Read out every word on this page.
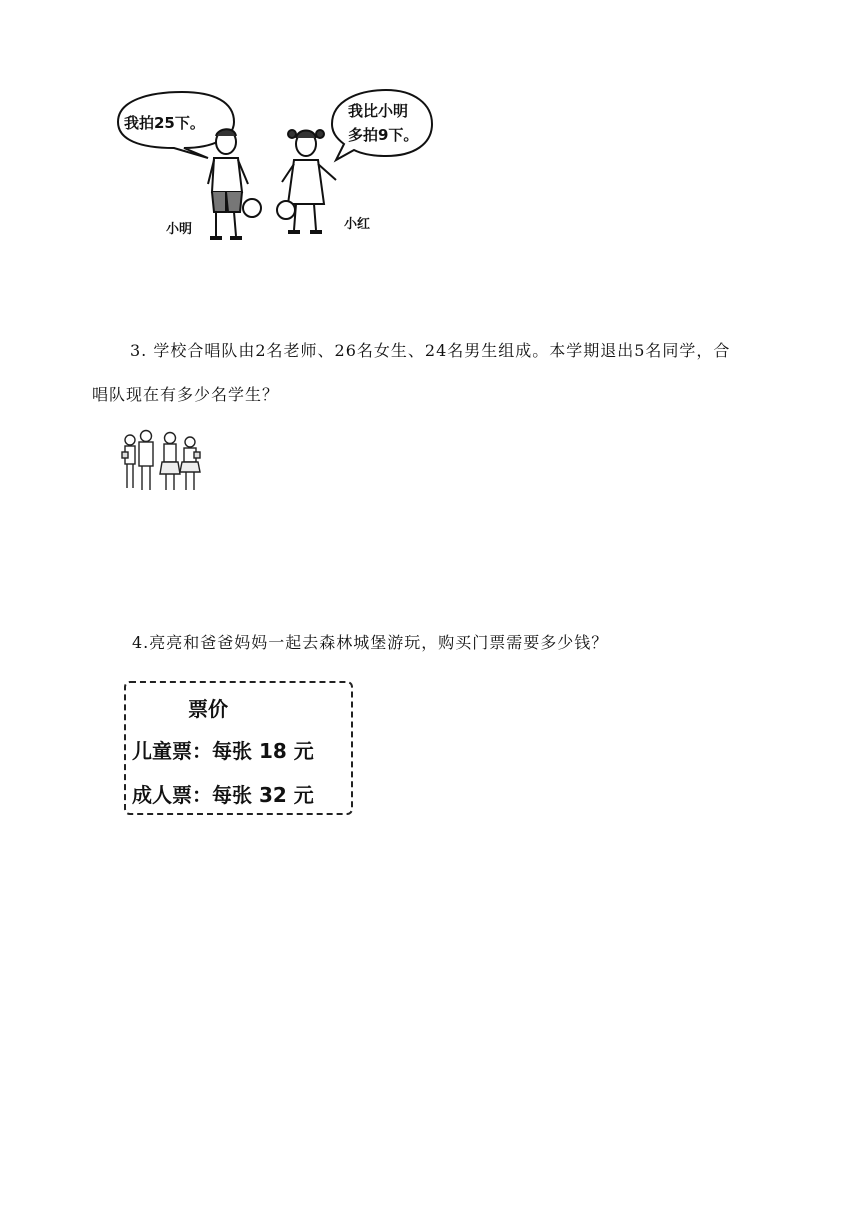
我拍25下。
我比小明
多拍9下。
小明	小红
3. 学校合唱队由2名老师、26名女生、24名男生组成。本学期退出5名同学，合
唱队现在有多少名学生？
4.亮亮和爸爸妈妈一起去森林城堡游玩，购买门票需要多少钱？
票价
儿童票：每张 18 元
成人票：每张 32 元
